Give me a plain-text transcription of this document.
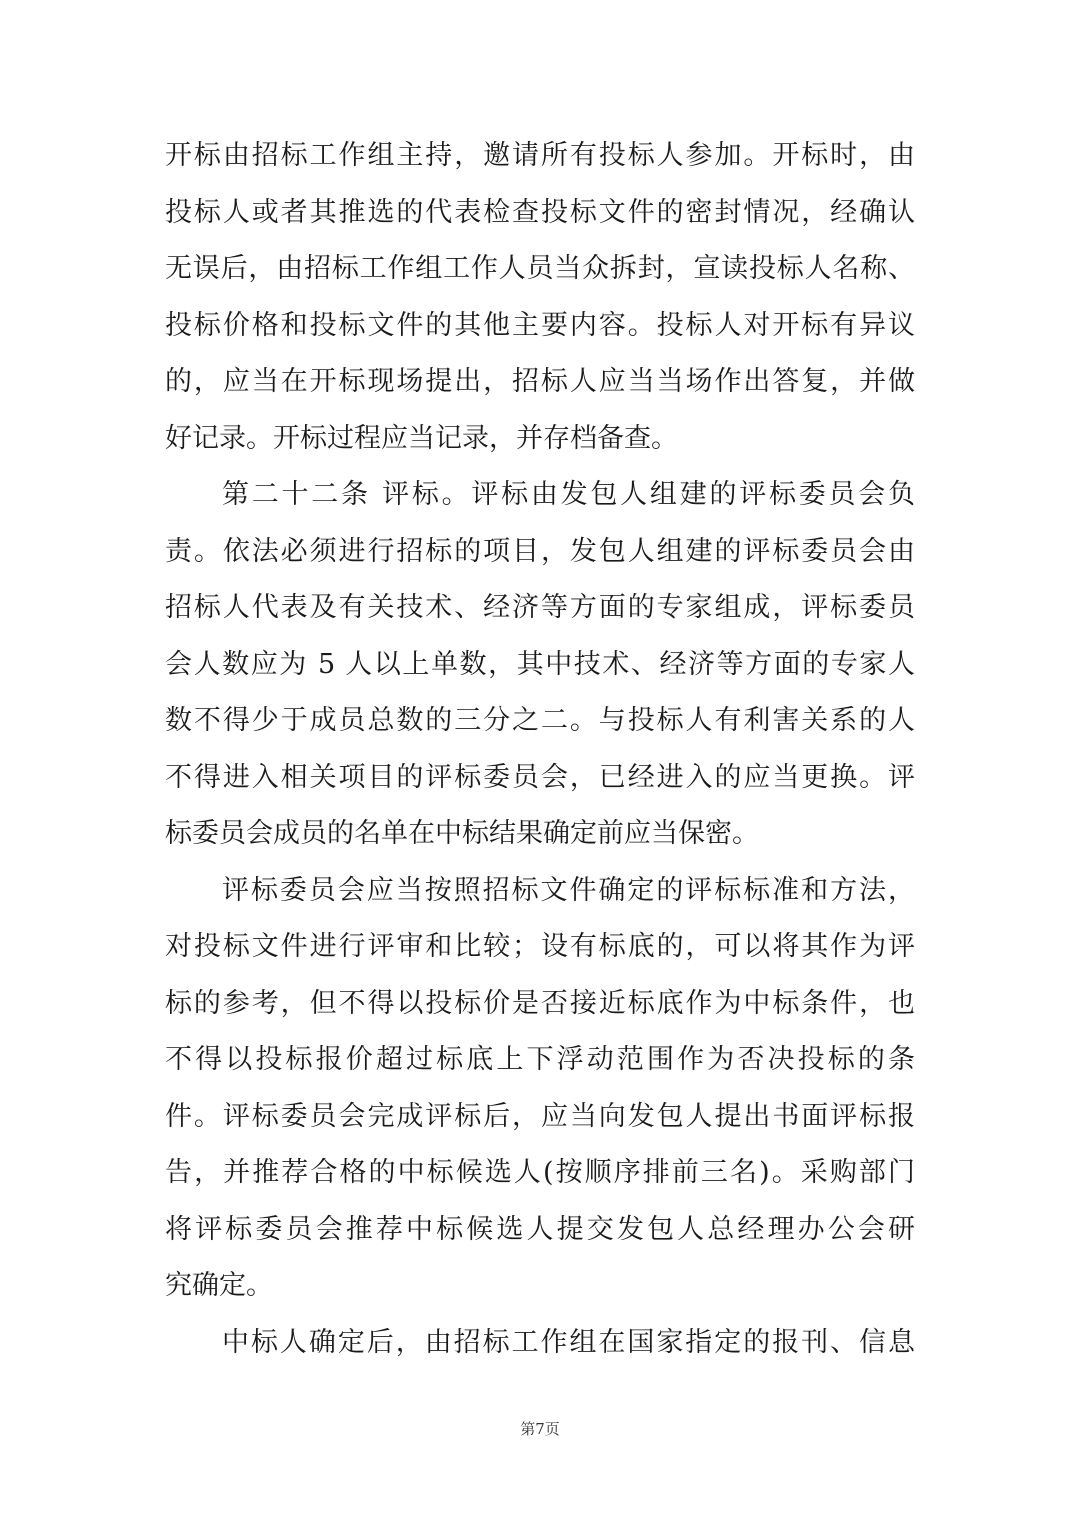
开标由招标工作组主持，邀请所有投标人参加。开标时，由
投标人或者其推选的代表检查投标文件的密封情况，经确认
无误后，由招标工作组工作人员当众拆封，宣读投标人名称、
投标价格和投标文件的其他主要内容。投标人对开标有异议
的，应当在开标现场提出，招标人应当当场作出答复，并做
好记录。开标过程应当记录，并存档备查。
第二十二条 评标。评标由发包人组建的评标委员会负
责。依法必须进行招标的项目，发包人组建的评标委员会由
招标人代表及有关技术、经济等方面的专家组成，评标委员
会人数应为 5 人以上单数，其中技术、经济等方面的专家人
数不得少于成员总数的三分之二。与投标人有利害关系的人
不得进入相关项目的评标委员会，已经进入的应当更换。评
标委员会成员的名单在中标结果确定前应当保密。
评标委员会应当按照招标文件确定的评标标准和方法，
对投标文件进行评审和比较；设有标底的，可以将其作为评
标的参考，但不得以投标价是否接近标底作为中标条件，也
不得以投标报价超过标底上下浮动范围作为否决投标的条
件。评标委员会完成评标后，应当向发包人提出书面评标报
告，并推荐合格的中标候选人(按顺序排前三名)。采购部门
将评标委员会推荐中标候选人提交发包人总经理办公会研
究确定。
中标人确定后，由招标工作组在国家指定的报刊、信息
第7页
